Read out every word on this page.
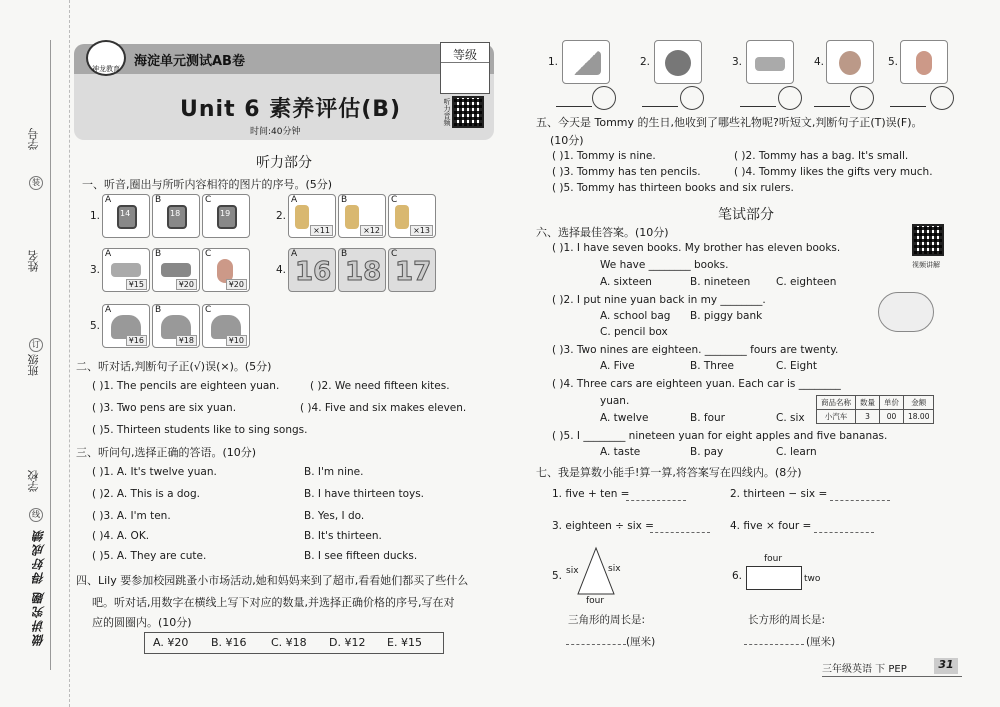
学号
装
姓名
订
班级
学校
线
做讲究题 得好成绩
神龙教育	海淀单元测试AB卷
Unit 6 素养评估(B)
时间:40分钟
等级
听力音频
听力部分
一、听音,圈出与所听内容相符的图片的序号。(5分)
1.
A
14
B
18
C
19	2.
A
×11
B
×12
C
×13
3.
A
¥15
B
¥20
C
¥20
4.
A
16
B
18
C
17
5.
A
¥16
B
¥18
C
¥10
二、听对话,判断句子正(√)误(×)。(5分)
( )1. The pencils are eighteen yuan.	( )2. We need fifteen kites.
( )3. Two pens are six yuan.	( )4. Five and six makes eleven.
( )5. Thirteen students like to sing songs.
三、听问句,选择正确的答语。(10分)
( )1. A. It's twelve yuan.	B. I'm nine.
( )2. A. This is a dog.	B. I have thirteen toys.
( )3. A. I'm ten.	B. Yes, I do.
( )4. A. OK.	B. It's thirteen.
( )5. A. They are cute.	B. I see fifteen ducks.
四、Lily 要参加校园跳蚤小市场活动,她和妈妈来到了超市,看看她们都买了些什么
吧。听对话,用数字在横线上写下对应的数量,并选择正确价格的序号,写在对
应的圆圈内。(10分)
A. ¥20 B. ¥16 C. ¥18 D. ¥12 E. ¥15
1.	2.	3.	4.	5.
五、今天是 Tommy 的生日,他收到了哪些礼物呢?听短文,判断句子正(T)误(F)。
(10分)
( )1. Tommy is nine.	( )2. Tommy has a bag. It's small.
( )3. Tommy has ten pencils.	( )4. Tommy likes the gifts very much.
( )5. Tommy has thirteen books and six rulers.
笔试部分
视频讲解
六、选择最佳答案。(10分)
( )1. I have seven books. My brother has eleven books.
We have ________ books.
A. sixteen	B. nineteen C. eighteen
( )2. I put nine yuan back in my ________.
A. school bag B. piggy bank
C. pencil box
( )3. Two nines are eighteen. ________ fours are twenty.
A. Five	B. Three	C. Eight
( )4. Three cars are eighteen yuan. Each car is ________
yuan.
A. twelve	B. four	C. six
商品名称	数量	单价	金额
小汽车	3	00	18.00
( )5. I ________ nineteen yuan for eight apples and five bananas.
A. taste	B. pay	C. learn
七、我是算数小能手!算一算,将答案写在四线内。(8分)
1. five + ten =	2. thirteen − six =
3. eighteen ÷ six =	4. five × four =
5. six	six
four
三角形的周长是:
(厘米)
6.
four
two
长方形的周长是:
(厘米)
三年级英语 下 PEP	31
